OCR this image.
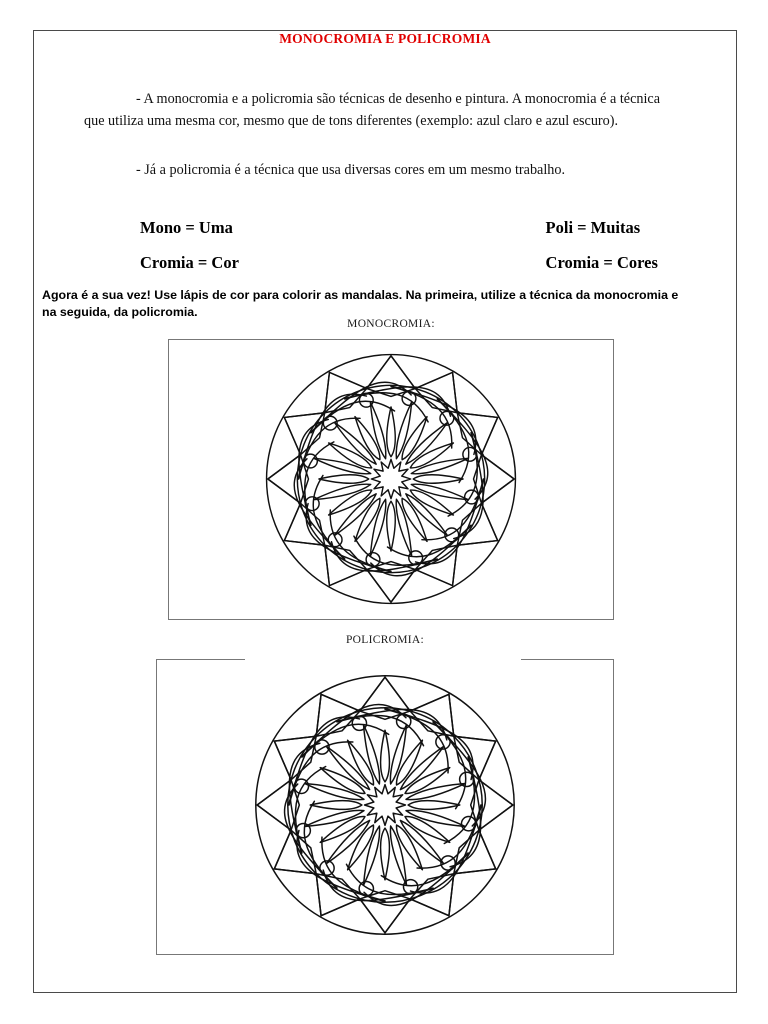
MONOCROMIA E POLICROMIA
- A monocromia e a policromia são técnicas de desenho e pintura. A monocromia é a técnica que utiliza uma mesma cor, mesmo que de tons diferentes (exemplo: azul claro e azul escuro).
- Já a policromia é a técnica que usa diversas cores em um mesmo trabalho.
Mono = Uma	Poli = Muitas
Cromia = Cor	Cromia = Cores
Agora é a sua vez! Use lápis de cor para colorir as mandalas. Na primeira, utilize a técnica da monocromia e na seguida, da policromia.
MONOCROMIA:
POLICROMIA:
